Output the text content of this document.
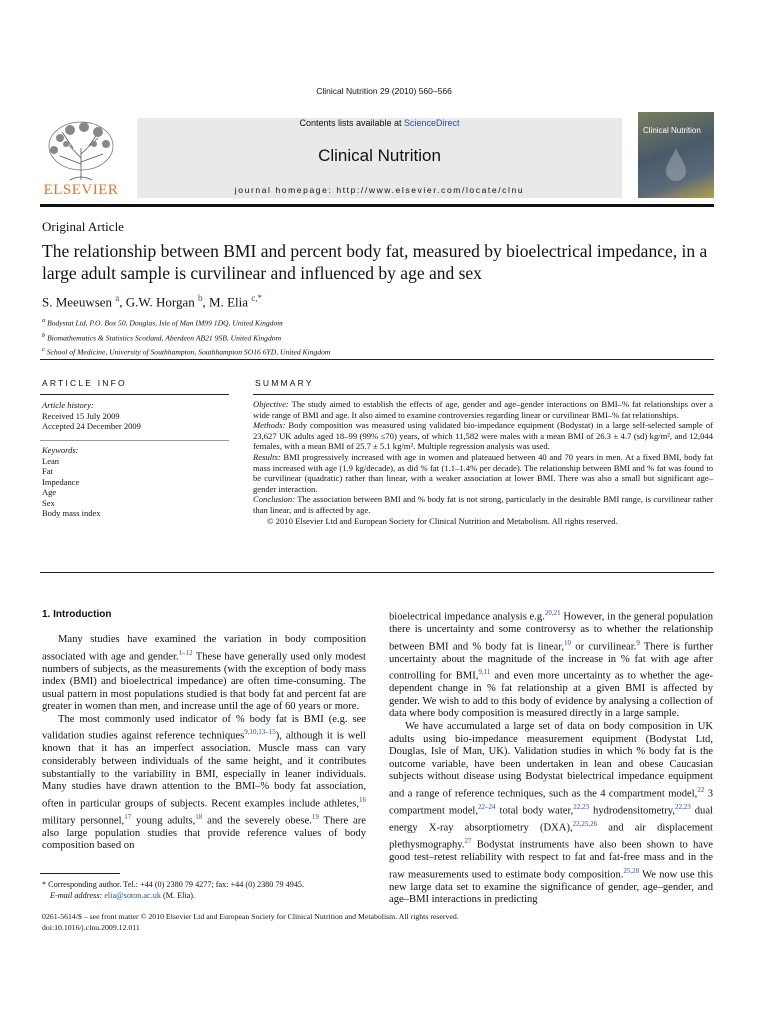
Clinical Nutrition 29 (2010) 560–566
ELSEVIER
Contents lists available at ScienceDirect
Clinical Nutrition
journal homepage: http://www.elsevier.com/locate/clnu
Clinical Nutrition
Original Article
The relationship between BMI and percent body fat, measured by bioelectrical impedance, in a large adult sample is curvilinear and influenced by age and sex
S. Meeuwsen $^a$, G.W. Horgan $^b$, M. Elia $^{c,*}$
$^a$ Bodystat Ltd, P.O. Box 50, Douglas, Isle of Man IM99 1DQ, United Kingdom
$^b$ Biomathematics & Statistics Scotland, Aberdeen AB21 9SB, United Kingdom
$^c$ School of Medicine, University of Southhampton, Southhampton SO16 6YD, United Kingdom
ARTICLE INFO
Article history:
Received 15 July 2009
Accepted 24 December 2009
Keywords:
Lean
Fat
Impedance
Age
Sex
Body mass index
SUMMARY
Objective: The study aimed to establish the effects of age, gender and age–gender interactions on BMI–% fat relationships over a wide range of BMI and age. It also aimed to examine controversies regarding linear or curvilinear BMI–% fat relationships.
Methods: Body composition was measured using validated bio-impedance equipment (Bodystat) in a large self-selected sample of 23,627 UK adults aged 18–99 (99% ≤70) years, of which 11,582 were males with a mean BMI of 26.3 ± 4.7 (sd) kg/m², and 12,044 females, with a mean BMI of 25.7 ± 5.1 kg/m². Multiple regression analysis was used.
Results: BMI progressively increased with age in women and plateaued between 40 and 70 years in men. At a fixed BMI, body fat mass increased with age (1.9 kg/decade), as did % fat (1.1–1.4% per decade). The relationship between BMI and % fat was found to be curvilinear (quadratic) rather than linear, with a weaker association at lower BMI. There was also a small but significant age–gender interaction.
Conclusion: The association between BMI and % body fat is not strong, particularly in the desirable BMI range, is curvilinear rather than linear, and is affected by age.
© 2010 Elsevier Ltd and European Society for Clinical Nutrition and Metabolism. All rights reserved.
1. Introduction

Many studies have examined the variation in body composition associated with age and gender.$^{1-12}$ These have generally used only modest numbers of subjects, as the measurements (with the exception of body mass index (BMI) and bioelectrical impedance) are often time-consuming. The usual pattern in most populations studied is that body fat and percent fat are greater in women than men, and increase until the age of 60 years or more.

The most commonly used indicator of % body fat is BMI (e.g. see validation studies against reference techniques$^{9,10,13-15}$), although it is well known that it has an imperfect association. Muscle mass can vary considerably between individuals of the same height, and it contributes substantially to the variability in BMI, especially in leaner individuals. Many studies have drawn attention to the BMI–% body fat association, often in particular groups of subjects. Recent examples include athletes,$^{16}$ military personnel,$^{17}$ young adults,$^{18}$ and the severely obese.$^{19}$ There are also large population studies that provide reference values of body composition based on

bioelectrical impedance analysis e.g.$^{20,21}$ However, in the general population there is uncertainty and some controversy as to whether the relationship between BMI and % body fat is linear,$^{10}$ or curvilinear.$^9$ There is further uncertainty about the magnitude of the increase in % fat with age after controlling for BMI,$^{9,11}$ and even more uncertainty as to whether the age-dependent change in % fat relationship at a given BMI is affected by gender. We wish to add to this body of evidence by analysing a collection of data where body composition is measured directly in a large sample.

We have accumulated a large set of data on body composition in UK adults using bio-impedance measurement equipment (Bodystat Ltd, Douglas, Isle of Man, UK). Validation studies in which % body fat is the outcome variable, have been undertaken in lean and obese Caucasian subjects without disease using Bodystat bielectrical impedance equipment and a range of reference techniques, such as the 4 compartment model,$^{22}$ 3 compartment model,$^{22-24}$ total body water,$^{22,23}$ hydrodensitometry,$^{22,23}$ dual energy X-ray absorptiometry (DXA),$^{22,25,26}$ and air displacement plethysmography.$^{27}$ Bodystat instruments have also been shown to have good test–retest reliability with respect to fat and fat-free mass and in the raw measurements used to estimate body composition.$^{25,28}$ We now use this new large data set to examine the significance of gender, age–gender, and age–BMI interactions in predicting

* Corresponding author. Tel.: +44 (0) 2380 79 4277; fax: +44 (0) 2380 79 4945.
E-mail address: elia@soton.ac.uk (M. Elia).
0261-5614/$ – see front matter © 2010 Elsevier Ltd and European Society for Clinical Nutrition and Metabolism. All rights reserved.
doi:10.1016/j.clnu.2009.12.011
